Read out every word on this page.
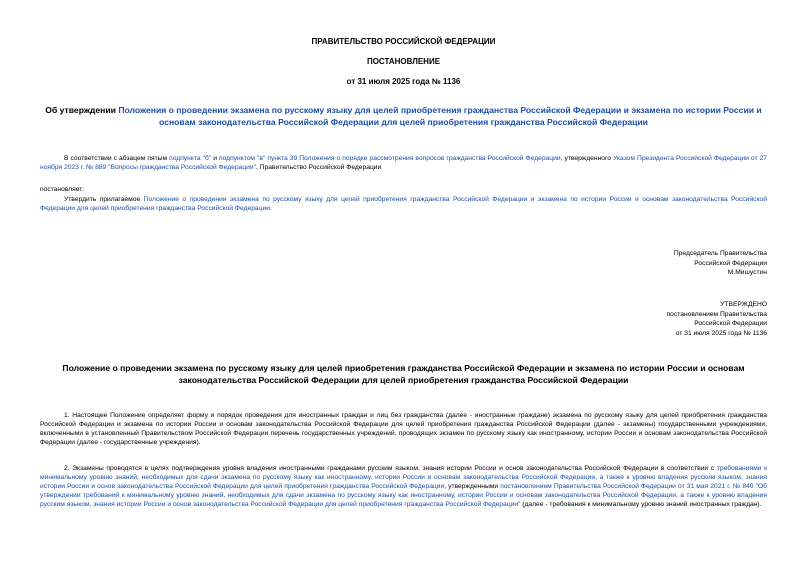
ПРАВИТЕЛЬСТВО РОССИЙСКОЙ ФЕДЕРАЦИИ
ПОСТАНОВЛЕНИЕ
от 31 июля 2025 года № 1136
Об утверждении Положения о проведении экзамена по русскому языку для целей приобретения гражданства Российской Федерации и экзамена по истории России и основам законодательства Российской Федерации для целей приобретения гражданства Российской Федерации
В соответствии с абзацем пятым подпункта "б" и подпунктом "в" пункта 39 Положения о порядке рассмотрения вопросов гражданства Российской Федерации, утвержденного Указом Президента Российской Федерации от 27 ноября 2023 г. № 889 "Вопросы гражданства Российской Федерации", Правительство Российской Федерации
постановляет:
Утвердить прилагаемое Положение о проведении экзамена по русскому языку для целей приобретения гражданства Российской Федерации и экзамена по истории России и основам законодательства Российской Федерации для целей приобретения гражданства Российской Федерации.
Председатель Правительства
Российской Федерации
М.Мишустин
УТВЕРЖДЕНО
постановлением Правительства
Российской Федерации
от 31 июля 2025 года № 1136
Положение о проведении экзамена по русскому языку для целей приобретения гражданства Российской Федерации и экзамена по истории России и основам законодательства Российской Федерации для целей приобретения гражданства Российской Федерации
1. Настоящее Положение определяет форму и порядок проведения для иностранных граждан и лиц без гражданства (далее - иностранные граждане) экзамена по русскому языку для целей приобретения гражданства Российской Федерации и экзамена по истории России и основам законодательства Российской Федерации для целей приобретения гражданства Российской Федерации (далее - экзамены) государственными учреждениями, включенными в установленный Правительством Российской Федерации перечень государственных учреждений, проводящих экзамен по русскому языку как иностранному, истории России и основам законодательства Российской Федерации (далее - государственные учреждения).
2. Экзамены проводятся в целях подтверждения уровня владения иностранными гражданами русским языком, знания истории России и основ законодательства Российской Федерации в соответствии с требованиями к минимальному уровню знаний, необходимых для сдачи экзамена по русскому языку как иностранному, истории России и основам законодательства Российской Федерации, а также к уровню владения русским языком, знания истории России и основ законодательства Российской Федерации для целей приобретения гражданства Российской Федерации, утвержденными постановлением Правительства Российской Федерации от 31 мая 2021 г. № 840 "Об утверждении требований к минимальному уровню знаний, необходимых для сдачи экзамена по русскому языку как иностранному, истории России и основам законодательства Российской Федерации, а также к уровню владения русским языком, знания истории России и основ законодательства Российской Федерации для целей приобретения гражданства Российской Федерации" (далее - требования к минимальному уровню знаний иностранных граждан).
